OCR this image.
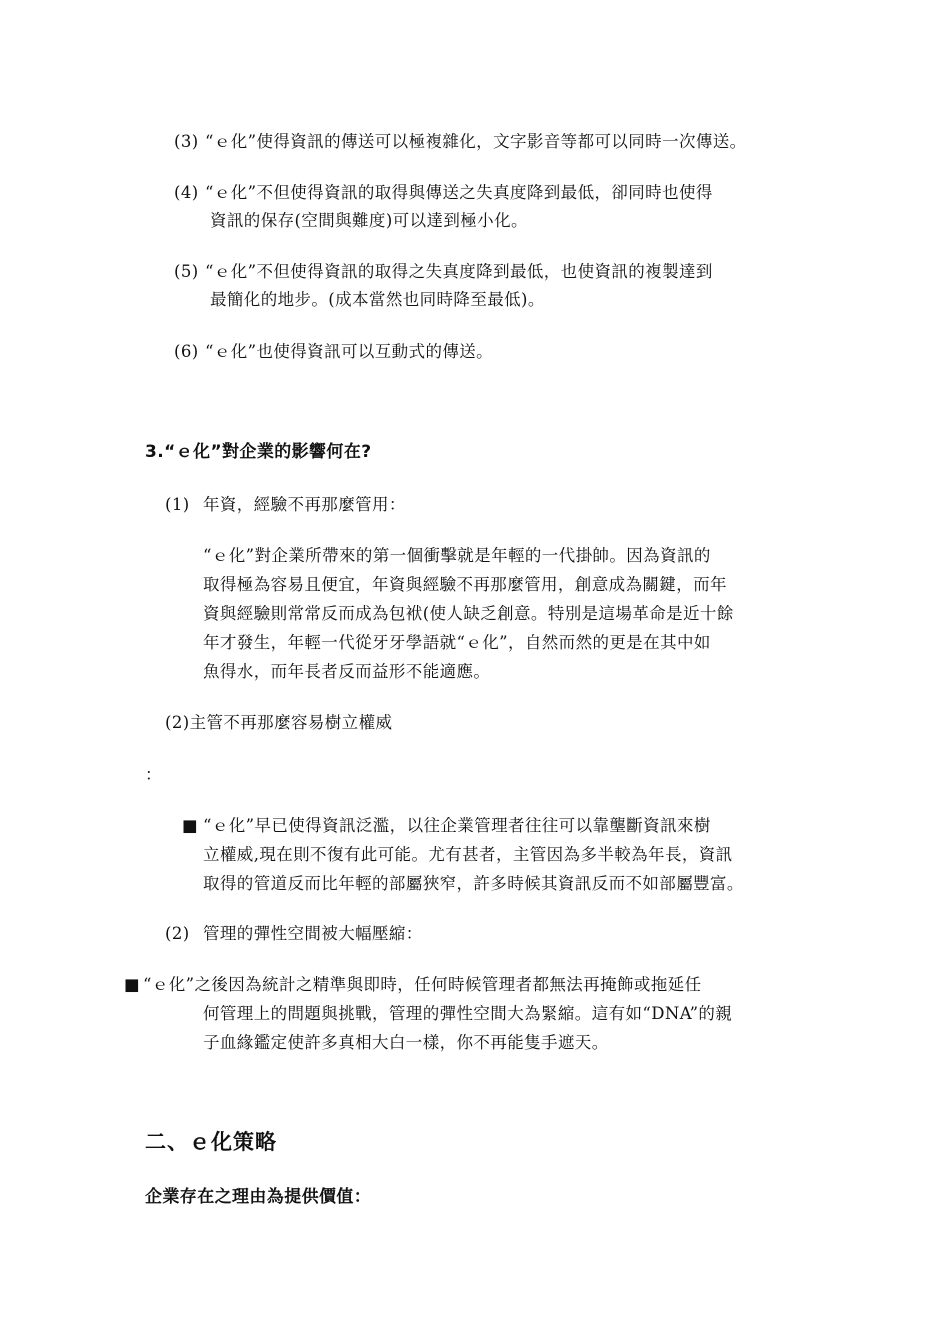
(3) “ｅ化”使得資訊的傳送可以極複雜化，文字影音等都可以同時一次傳送。
(4) “ｅ化”不但使得資訊的取得與傳送之失真度降到最低，卻同時也使得
資訊的保存(空間與難度)可以達到極小化。
(5) “ｅ化”不但使得資訊的取得之失真度降到最低，也使資訊的複製達到
最簡化的地步。(成本當然也同時降至最低)。
(6) “ｅ化”也使得資訊可以互動式的傳送。
3.“ｅ化”對企業的影響何在?
(1) 年資，經驗不再那麼管用：
“ｅ化”對企業所帶來的第一個衝擊就是年輕的一代掛帥。因為資訊的
取得極為容易且便宜，年資與經驗不再那麼管用，創意成為關鍵，而年
資與經驗則常常反而成為包袱(使人缺乏創意。特別是這場革命是近十餘
年才發生，年輕一代從牙牙學語就“ｅ化”，自然而然的更是在其中如
魚得水，而年長者反而益形不能適應。
(2)主管不再那麼容易樹立權威
：
■ “ｅ化”早已使得資訊泛濫，以往企業管理者往往可以靠壟斷資訊來樹
立權威,現在則不復有此可能。尤有甚者，主管因為多半較為年長，資訊
取得的管道反而比年輕的部屬狹窄，許多時候其資訊反而不如部屬豐富。
(2) 管理的彈性空間被大幅壓縮：
■ “ｅ化”之後因為統計之精準與即時，任何時候管理者都無法再掩飾或拖延任
何管理上的問題與挑戰，管理的彈性空間大為緊縮。這有如“DNA”的親
子血緣鑑定使許多真相大白一樣，你不再能隻手遮天。
二、ｅ化策略
企業存在之理由為提供價值：
